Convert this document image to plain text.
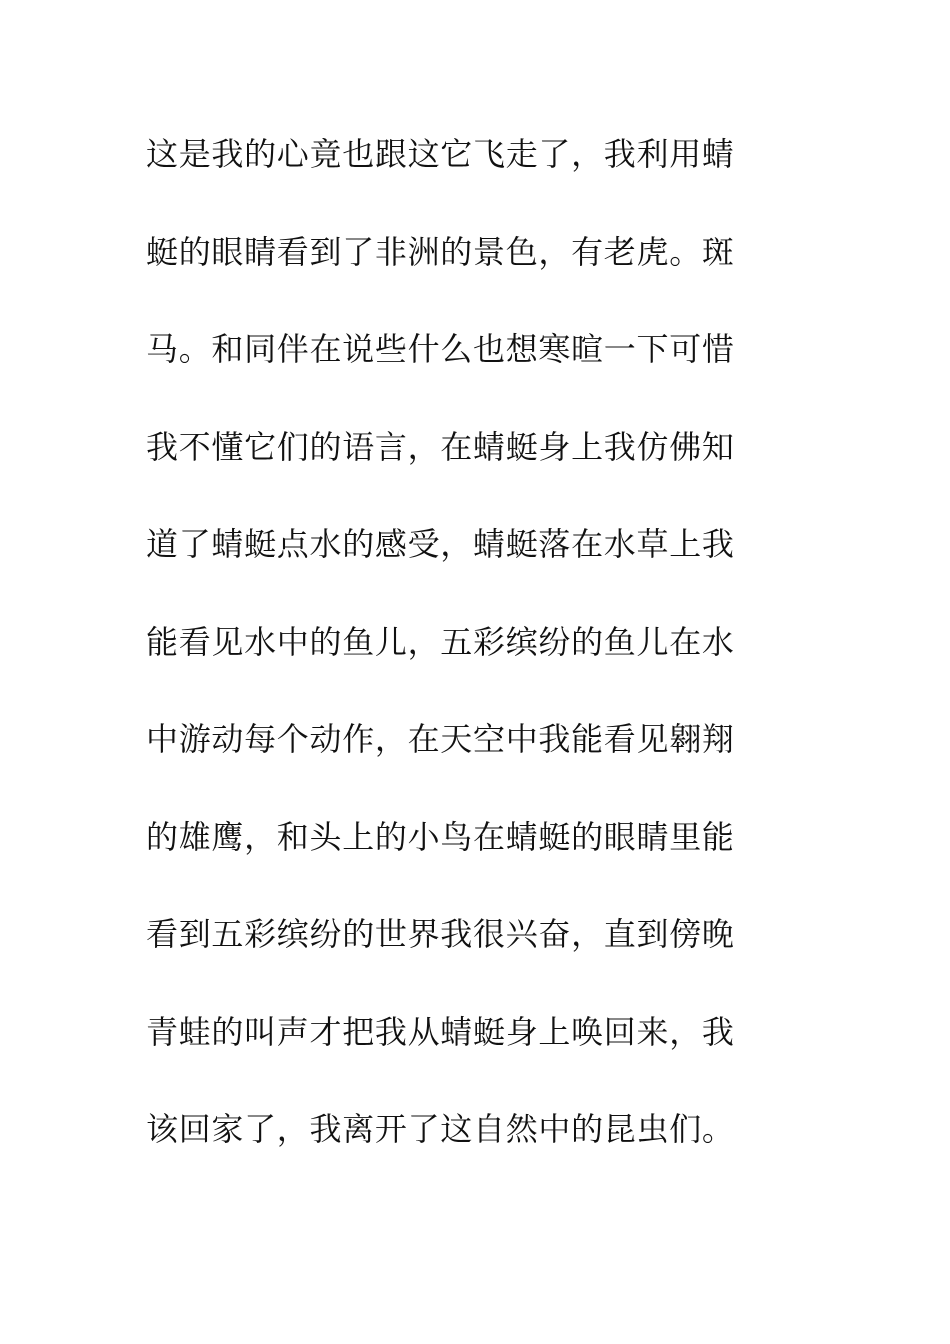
这是我的心竟也跟这它飞走了，我利用蜻
蜓的眼睛看到了非洲的景色，有老虎。斑
马。和同伴在说些什么也想寒暄一下可惜
我不懂它们的语言，在蜻蜓身上我仿佛知
道了蜻蜓点水的感受，蜻蜓落在水草上我
能看见水中的鱼儿，五彩缤纷的鱼儿在水
中游动每个动作，在天空中我能看见翱翔
的雄鹰，和头上的小鸟在蜻蜓的眼睛里能
看到五彩缤纷的世界我很兴奋，直到傍晚
青蛙的叫声才把我从蜻蜓身上唤回来，我
该回家了，我离开了这自然中的昆虫们。
